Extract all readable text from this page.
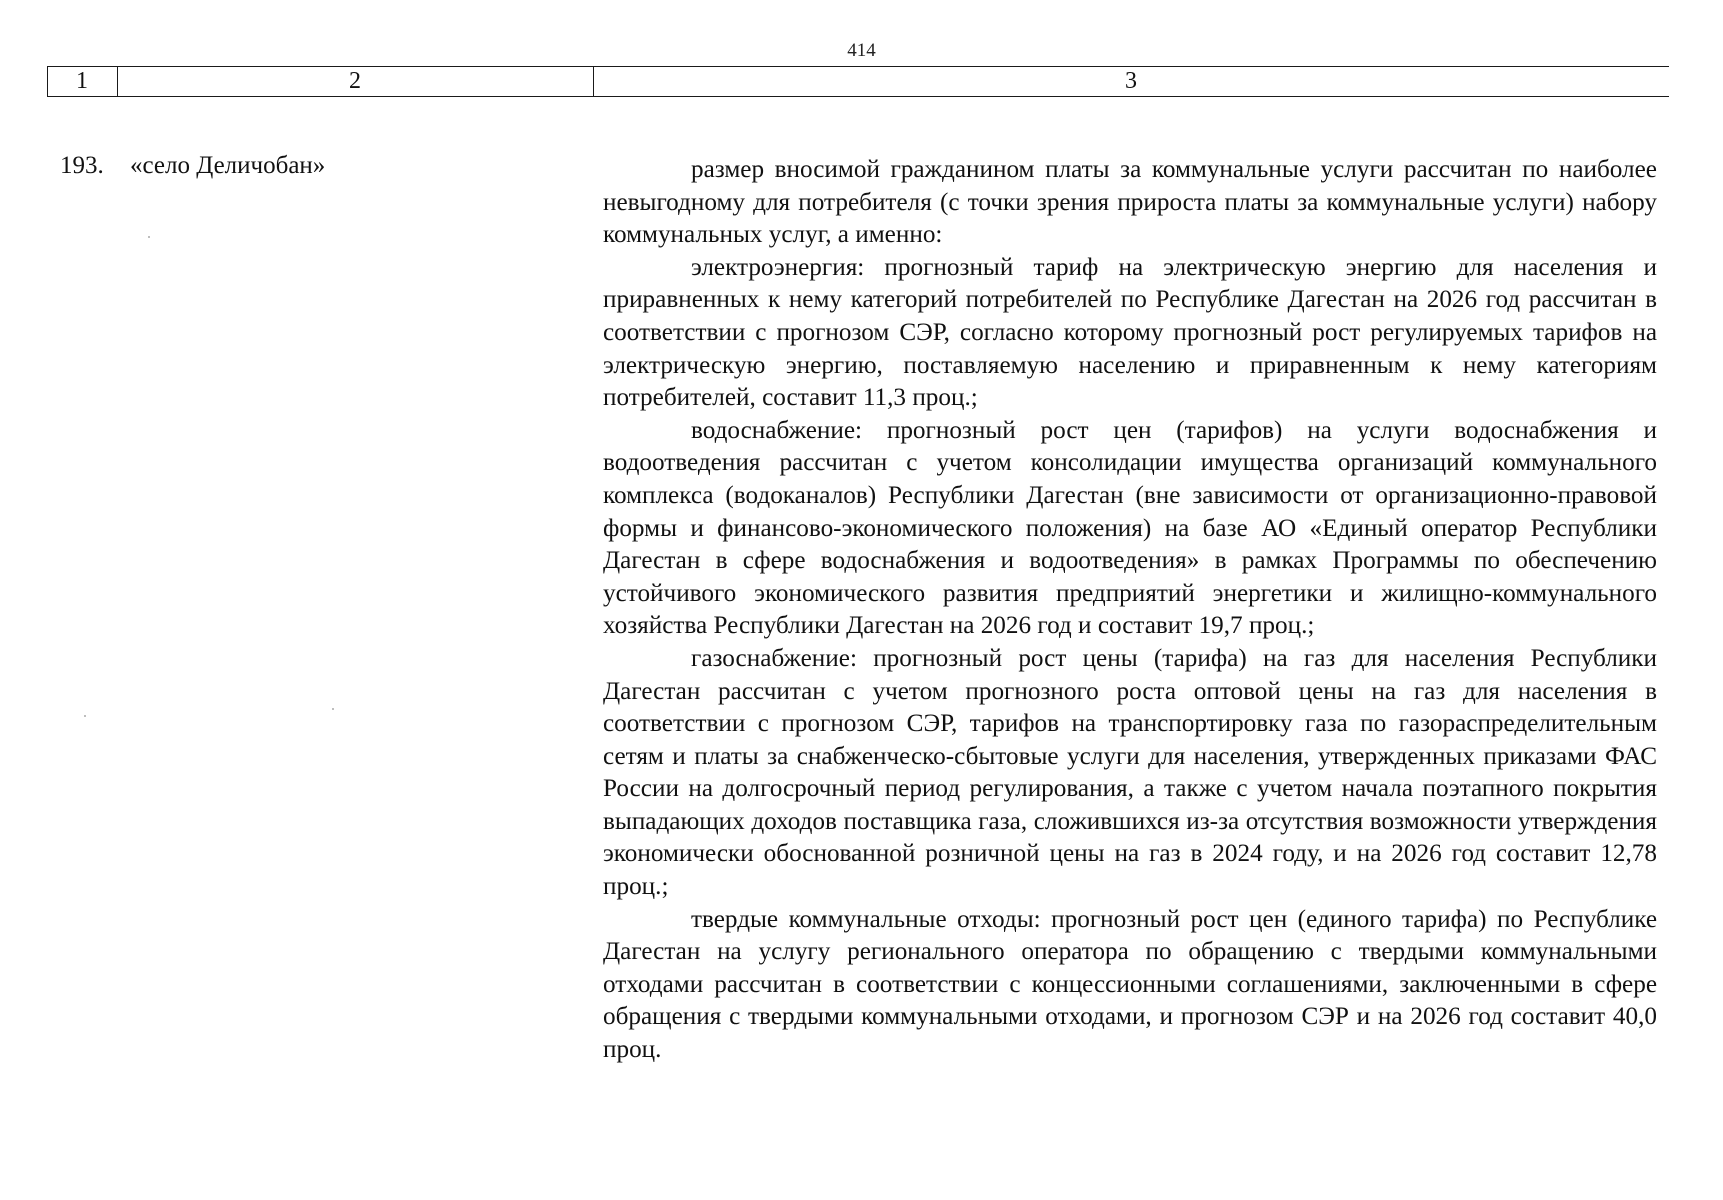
414
1	2	3
193. «село Деличобан»	размер вносимой гражданином платы за коммунальные услуги рассчитан по наиболее невыгодному для потребителя (с точки зрения прироста платы за коммунальные услуги) набору коммунальных услуг, а именно:

электроэнергия: прогнозный тариф на электрическую энергию для населения и приравненных к нему категорий потребителей по Республике Дагестан на 2026 год рассчитан в соответствии с прогнозом СЭР, согласно которому прогнозный рост регулируемых тарифов на электрическую энергию, поставляемую населению и приравненным к нему категориям потребителей, составит 11,3 проц.;

водоснабжение: прогнозный рост цен (тарифов) на услуги водоснабжения и водоотведения рассчитан с учетом консолидации имущества организаций коммунального комплекса (водоканалов) Республики Дагестан (вне зависимости от организационно-правовой формы и финансово-экономического положения) на базе АО «Единый оператор Республики Дагестан в сфере водоснабжения и водоотведения» в рамках Программы по обеспечению устойчивого экономического развития предприятий энергетики и жилищно-коммунального хозяйства Республики Дагестан на 2026 год и составит 19,7 проц.;

газоснабжение: прогнозный рост цены (тарифа) на газ для населения Республики Дагестан рассчитан с учетом прогнозного роста оптовой цены на газ для населения в соответствии с прогнозом СЭР, тарифов на транспортировку газа по газораспределительным сетям и платы за снабженческо-сбытовые услуги для населения, утвержденных приказами ФАС России на долгосрочный период регулирования, а также с учетом начала поэтапного покрытия выпадающих доходов поставщика газа, сложившихся из-за отсутствия возможности утверждения экономически обоснованной розничной цены на газ в 2024 году, и на 2026 год составит 12,78 проц.;

твердые коммунальные отходы: прогнозный рост цен (единого тарифа) по Республике Дагестан на услугу регионального оператора по обращению с твердыми коммунальными отходами рассчитан в соответствии с концессионными соглашениями, заключенными в сфере обращения с твердыми коммунальными отходами, и прогнозом СЭР и на 2026 год составит 40,0 проц.
